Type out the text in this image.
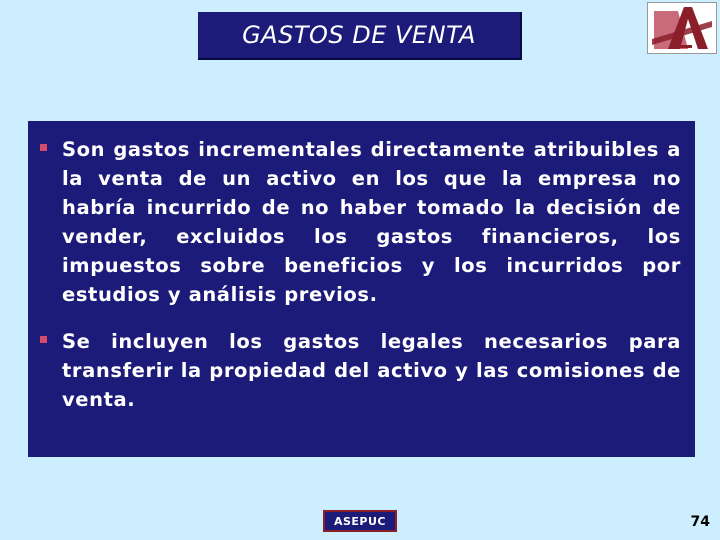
GASTOS DE VENTA
Son gastos incrementales directamente atribuibles a la venta de un activo en los que la empresa no habría incurrido de no haber tomado la decisión de vender, excluidos los gastos financieros, los impuestos sobre beneficios y los incurridos por estudios y análisis previos.
Se incluyen los gastos legales necesarios para transferir la propiedad del activo y las comisiones de venta.
ASEPUC	74
